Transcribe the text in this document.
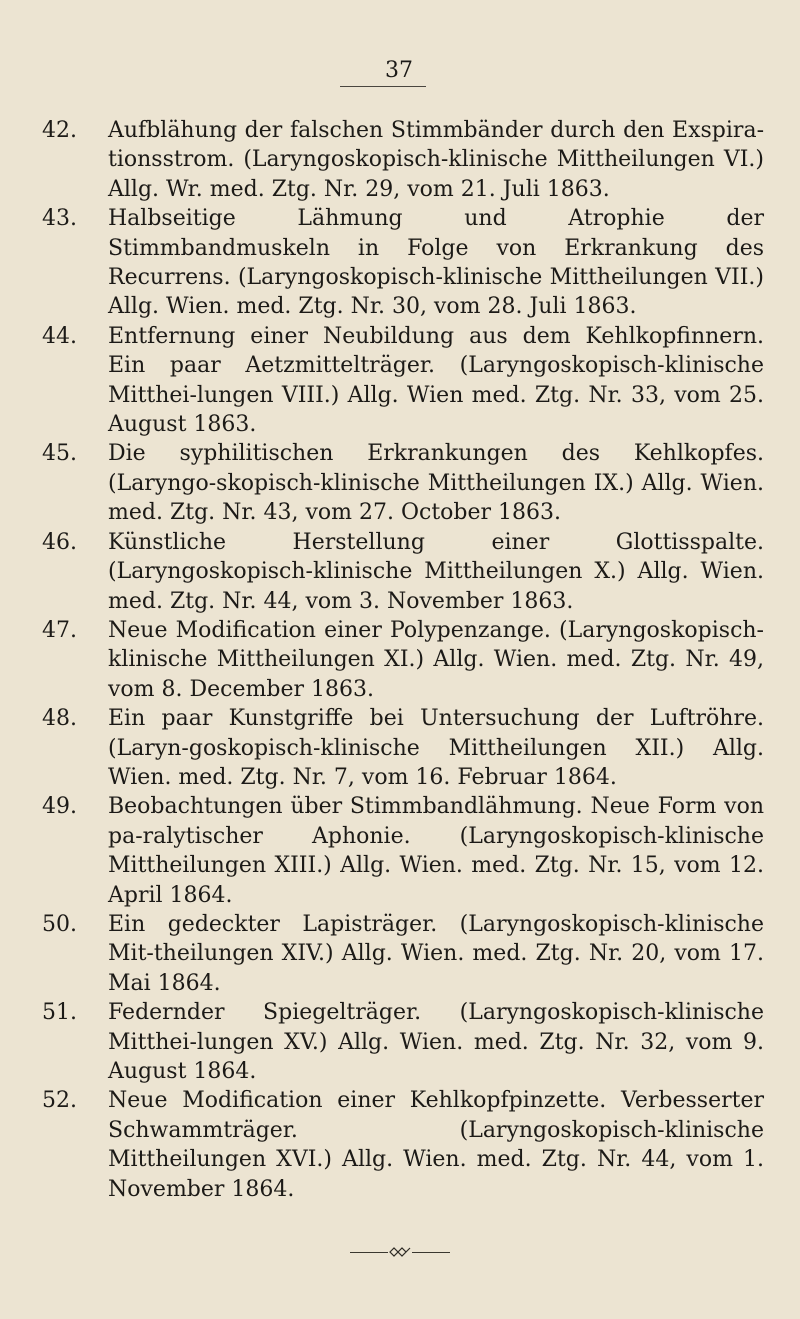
37
42.	Aufblähung der falschen Stimmbänder durch den Exspira-tionsstrom. (Laryngoskopisch-klinische Mittheilungen VI.) Allg. Wr. med. Ztg. Nr. 29, vom 21. Juli 1863.
43.	Halbseitige Lähmung und Atrophie der Stimmbandmuskeln in Folge von Erkrankung des Recurrens. (Laryngoskopisch-klinische Mittheilungen VII.) Allg. Wien. med. Ztg. Nr. 30, vom 28. Juli 1863.
44.	Entfernung einer Neubildung aus dem Kehlkopfinnern. Ein paar Aetzmittelträger. (Laryngoskopisch-klinische Mitthei-lungen VIII.) Allg. Wien med. Ztg. Nr. 33, vom 25. August 1863.
45.	Die syphilitischen Erkrankungen des Kehlkopfes. (Laryngo-skopisch-klinische Mittheilungen IX.) Allg. Wien. med. Ztg. Nr. 43, vom 27. October 1863.
46.	Künstliche Herstellung einer Glottisspalte. (Laryngoskopisch-klinische Mittheilungen X.) Allg. Wien. med. Ztg. Nr. 44, vom 3. November 1863.
47.	Neue Modification einer Polypenzange. (Laryngoskopisch-klinische Mittheilungen XI.) Allg. Wien. med. Ztg. Nr. 49, vom 8. December 1863.
48.	Ein paar Kunstgriffe bei Untersuchung der Luftröhre. (Laryn-goskopisch-klinische Mittheilungen XII.) Allg. Wien. med. Ztg. Nr. 7, vom 16. Februar 1864.
49.	Beobachtungen über Stimmbandlähmung. Neue Form von pa-ralytischer Aphonie. (Laryngoskopisch-klinische Mittheilungen XIII.) Allg. Wien. med. Ztg. Nr. 15, vom 12. April 1864.
50.	Ein gedeckter Lapisträger. (Laryngoskopisch-klinische Mit-theilungen XIV.) Allg. Wien. med. Ztg. Nr. 20, vom 17. Mai 1864.
51.	Federnder Spiegelträger. (Laryngoskopisch-klinische Mitthei-lungen XV.) Allg. Wien. med. Ztg. Nr. 32, vom 9. August 1864.
52.	Neue Modification einer Kehlkopfpinzette. Verbesserter Schwammträger. (Laryngoskopisch-klinische Mittheilungen XVI.) Allg. Wien. med. Ztg. Nr. 44, vom 1. November 1864.
